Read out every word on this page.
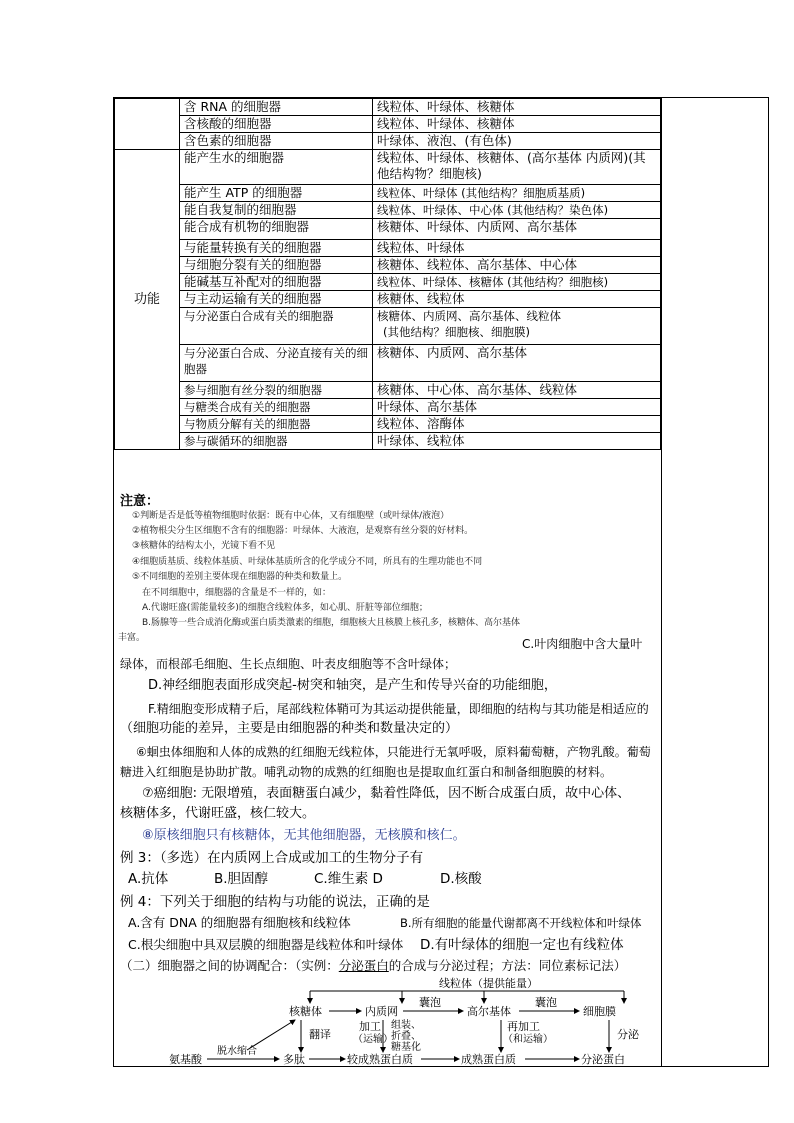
	含 RNA 的细胞器	线粒体、叶绿体、核糖体
	含核酸的细胞器	线粒体、叶绿体、核糖体
	含色素的细胞器	叶绿体、液泡、(有色体)
功能	能产生水的细胞器	线粒体、叶绿体、核糖体、(高尔基体 内质网)(其他结构物？细胞核)
	能产生 ATP 的细胞器	线粒体、叶绿体 (其他结构？细胞质基质)
	能自我复制的细胞器	线粒体、叶绿体、中心体 (其他结构？染色体)
	能合成有机物的细胞器	核糖体、叶绿体、内质网、高尔基体
	与能量转换有关的细胞器	线粒体、叶绿体
	与细胞分裂有关的细胞器	核糖体、线粒体、高尔基体、中心体
	能碱基互补配对的细胞器	线粒体、叶绿体、核糖体 (其他结构？细胞核)
	与主动运输有关的细胞器	核糖体、线粒体
	与分泌蛋白合成有关的细胞器	核糖体、内质网、高尔基体、线粒体
(其他结构？细胞核、细胞膜)

	与分泌蛋白合成、分泌直接有关的细胞器	核糖体、内质网、高尔基体
	参与细胞有丝分裂的细胞器	核糖体、中心体、高尔基体、线粒体
	与糖类合成有关的细胞器	叶绿体、高尔基体
	与物质分解有关的细胞器	线粒体、溶酶体
	参与碳循环的细胞器	叶绿体、线粒体
注意：
①判断是否是低等植物细胞时依据：既有中心体，又有细胞壁（或叶绿体/液泡）
②植物根尖分生区细胞不含有的细胞器：叶绿体、大液泡，是观察有丝分裂的好材料。
③核糖体的结构太小，光镜下看不见
④细胞质基质、线粒体基质、叶绿体基质所含的化学成分不同，所具有的生理功能也不同
⑤不同细胞的差别主要体现在细胞器的种类和数量上。
在不同细胞中，细胞器的含量是不一样的，如：
A.代谢旺盛(需能量较多)的细胞含线粒体多，如心肌、肝脏等部位细胞；
B.肠腺等一些合成消化酶或蛋白质类激素的细胞，细胞核大且核膜上核孔多，核糖体、高尔基体
丰富。	C.叶肉细胞中含大量叶
绿体，而根部毛细胞、生长点细胞、叶表皮细胞等不含叶绿体；
D.神经细胞表面形成突起-树突和轴突，是产生和传导兴奋的功能细胞，
F.精细胞变形成精子后，尾部线粒体鞘可为其运动提供能量，即细胞的结构与其功能是相适应的
（细胞功能的差异，主要是由细胞器的种类和数量决定的）
⑥蛔虫体细胞和人体的成熟的红细胞无线粒体，只能进行无氧呼吸，原料葡萄糖，产物乳酸。葡萄
糖进入红细胞是协助扩散。哺乳动物的成熟的红细胞也是提取血红蛋白和制备细胞膜的材料。
⑦癌细胞: 无限增殖，表面糖蛋白减少，黏着性降低，因不断合成蛋白质，故中心体、
核糖体多，代谢旺盛，核仁较大。
⑧原核细胞只有核糖体，无其他细胞器，无核膜和核仁。
例 3：（多选）在内质网上合成或加工的生物分子有
A.抗体	B.胆固醇	C.维生素 D	D.核酸
例 4：下列关于细胞的结构与功能的说法，正确的是
A.含有 DNA 的细胞器有细胞核和线粒体	B.所有细胞的能量代谢都离不开线粒体和叶绿体
C.根尖细胞中具双层膜的细胞器是线粒体和叶绿体 D.有叶绿体的细胞一定也有线粒体
（二）细胞器之间的协调配合：（实例：分泌蛋白的合成与分泌过程；方法：同位素标记法）
线粒体（提供能量）
核糖体	内质网
囊泡
高尔基体
囊泡
细胞膜
翻译
加工
（运输）
组装、
折叠、
糖基化
再加工
（和运输）	分泌
氨基酸
脱水缩合
多肽	较成熟蛋白质	成熟蛋白质	分泌蛋白
